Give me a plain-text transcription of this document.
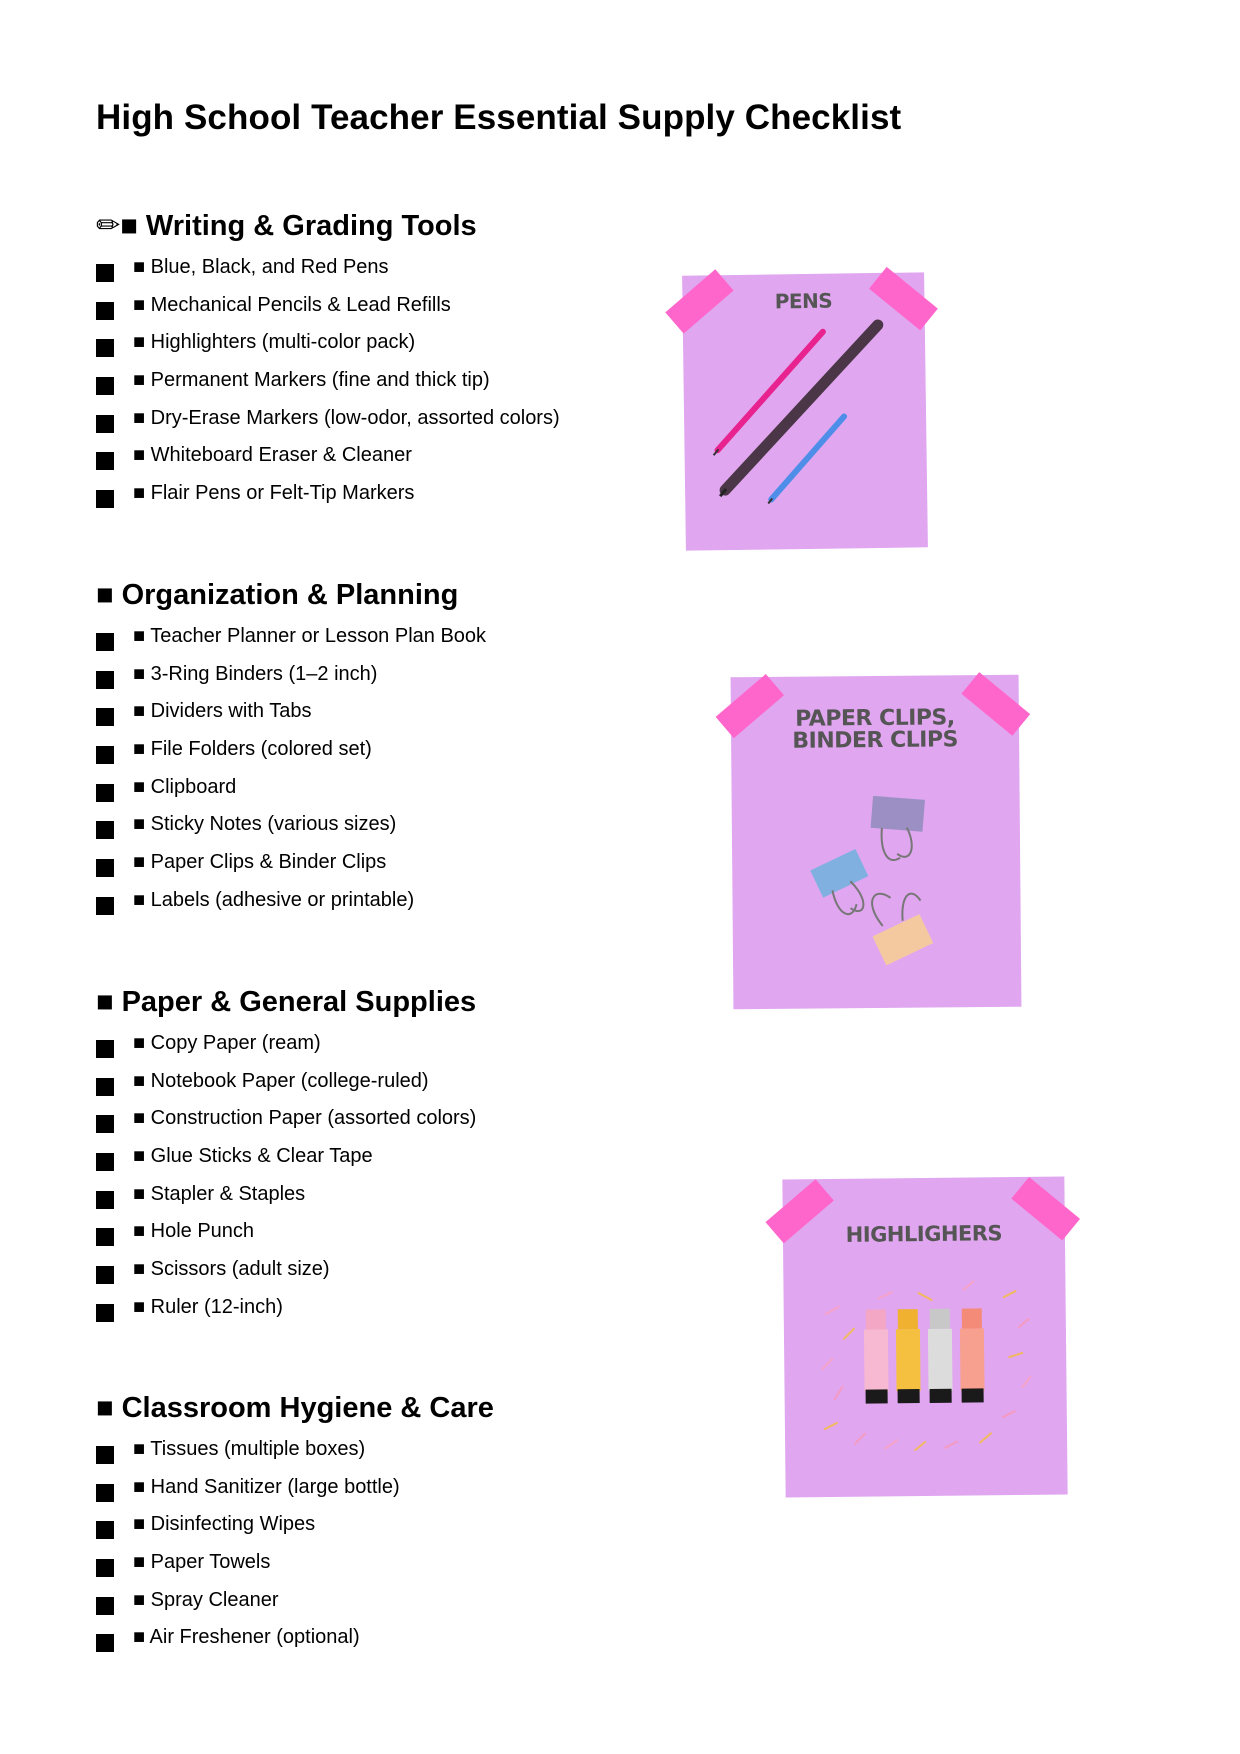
High School Teacher Essential Supply Checklist
✏■ Writing & Grading Tools
■ Blue, Black, and Red Pens
■ Mechanical Pencils & Lead Refills
■ Highlighters (multi-color pack)
■ Permanent Markers (fine and thick tip)
■ Dry-Erase Markers (low-odor, assorted colors)
■ Whiteboard Eraser & Cleaner
■ Flair Pens or Felt-Tip Markers
■ Organization & Planning
■ Teacher Planner or Lesson Plan Book
■ 3-Ring Binders (1–2 inch)
■ Dividers with Tabs
■ File Folders (colored set)
■ Clipboard
■ Sticky Notes (various sizes)
■ Paper Clips & Binder Clips
■ Labels (adhesive or printable)
■ Paper & General Supplies
■ Copy Paper (ream)
■ Notebook Paper (college-ruled)
■ Construction Paper (assorted colors)
■ Glue Sticks & Clear Tape
■ Stapler & Staples
■ Hole Punch
■ Scissors (adult size)
■ Ruler (12-inch)
■ Classroom Hygiene & Care
■ Tissues (multiple boxes)
■ Hand Sanitizer (large bottle)
■ Disinfecting Wipes
■ Paper Towels
■ Spray Cleaner
■ Air Freshener (optional)
PENS
PAPER CLIPS,
BINDER CLIPS
HIGHLIGHERS
